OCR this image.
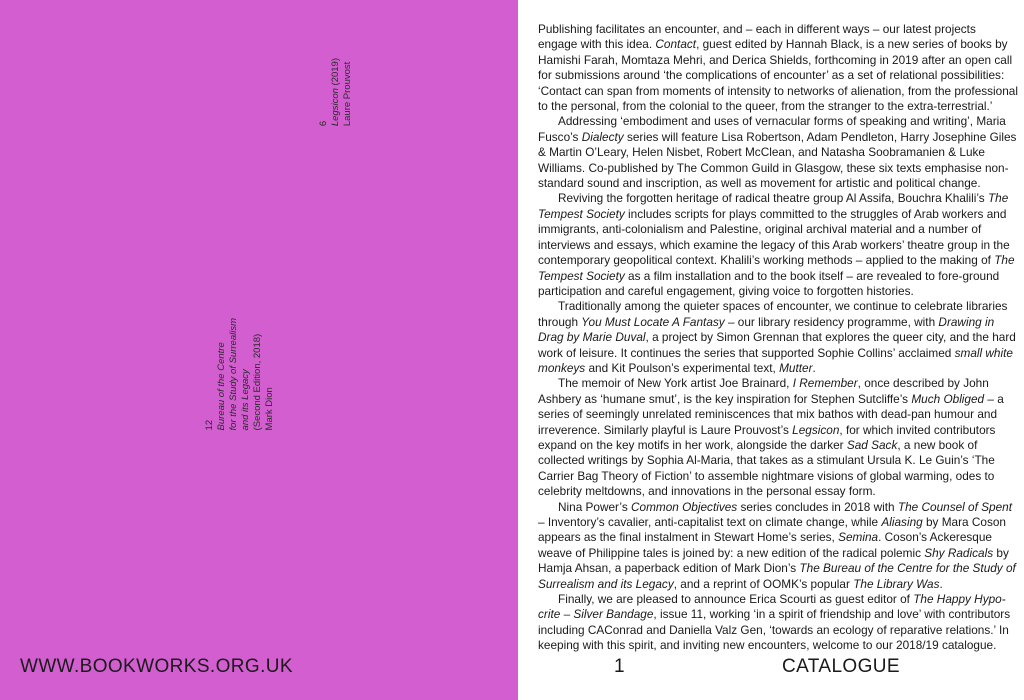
6
Legsicon (2019)
Laure Prouvost
12
Bureau of the Centre
for the Study of Surrealism
and its Legacy
(Second Edition, 2018)
Mark Dion
WWW.BOOKWORKS.ORG.UK

Publishing facilitates an encounter, and – each in different ways – our latest projects engage with this idea. Contact, guest edited by Hannah Black, is a new series of books by Hamishi Farah, Momtaza Mehri, and Derica Shields, forthcoming in 2019 after an open call for submissions around ‘the complications of encounter’ as a set of relational possibilities: ‘Contact can span from moments of intensity to networks of alienation, from the professional to the personal, from the colonial to the queer, from the stranger to the extra-terrestrial.’

Addressing ‘embodiment and uses of vernacular forms of speaking and writing’, Maria Fusco’s Dialecty series will feature Lisa Robertson, Adam Pendleton, Harry Josephine Giles & Martin O’Leary, Helen Nisbet, Robert McClean, and Natasha Soobramanien & Luke Williams. Co-published by The Common Guild in Glasgow, these six texts emphasise non-standard sound and inscription, as well as movement for artistic and political change.

Reviving the forgotten heritage of radical theatre group Al Assifa, Bouchra Khalili’s The Tempest Society includes scripts for plays committed to the struggles of Arab workers and immigrants, anti-colonialism and Palestine, original archival material and a number of interviews and essays, which examine the legacy of this Arab workers’ theatre group in the contemporary geopolitical context. Khalili’s working methods – applied to the making of The Tempest Society as a film installation and to the book itself – are revealed to fore-ground participation and careful engagement, giving voice to forgotten histories.

Traditionally among the quieter spaces of encounter, we continue to celebrate libraries through You Must Locate A Fantasy – our library residency programme, with Drawing in Drag by Marie Duval, a project by Simon Grennan that explores the queer city, and the hard work of leisure. It continues the series that supported Sophie Collins’ acclaimed small white monkeys and Kit Poulson’s experimental text, Mutter.

The memoir of New York artist Joe Brainard, I Remember, once described by John Ashbery as ‘humane smut’, is the key inspiration for Stephen Sutcliffe’s Much Obliged – a series of seemingly unrelated reminiscences that mix bathos with dead-pan humour and irreverence. Similarly playful is Laure Prouvost’s Legsicon, for which invited contributors expand on the key motifs in her work, alongside the darker Sad Sack, a new book of collected writings by Sophia Al-Maria, that takes as a stimulant Ursula K. Le Guin’s ‘The Carrier Bag Theory of Fiction’ to assemble nightmare visions of global warming, odes to celebrity meltdowns, and innovations in the personal essay form.

Nina Power’s Common Objectives series concludes in 2018 with The Counsel of Spent – Inventory’s cavalier, anti-capitalist text on climate change, while Aliasing by Mara Coson appears as the final instalment in Stewart Home’s series, Semina. Coson’s Ackeresque weave of Philippine tales is joined by: a new edition of the radical polemic Shy Radicals by Hamja Ahsan, a paperback edition of Mark Dion’s The Bureau of the Centre for the Study of Surrealism and its Legacy, and a reprint of OOMK’s popular The Library Was.

Finally, we are pleased to announce Erica Scourti as guest editor of The Happy Hypo-crite – Silver Bandage, issue 11, working ‘in a spirit of friendship and love’ with contributors including CAConrad and Daniella Valz Gen, ‘towards an ecology of reparative relations.’ In keeping with this spirit, and inviting new encounters, welcome to our 2018/19 catalogue.

1	CATALOGUE
